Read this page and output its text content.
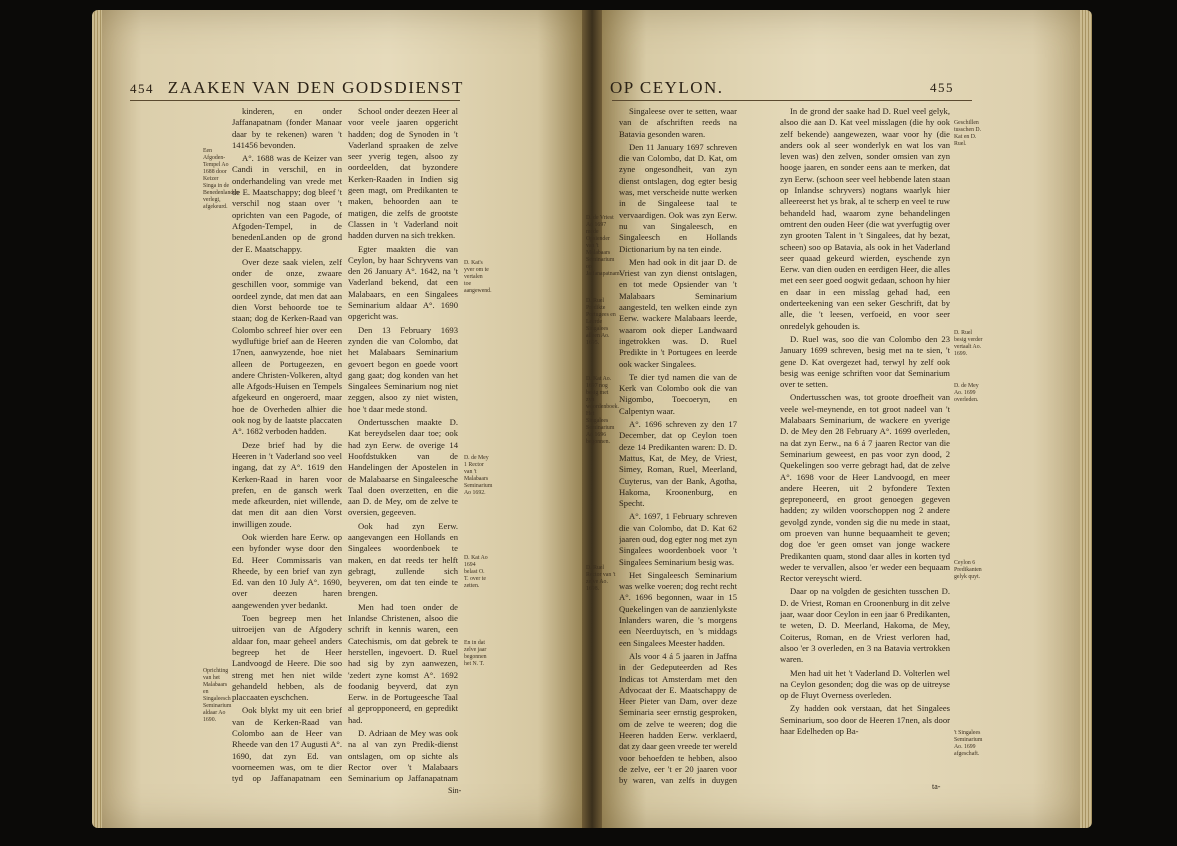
454 ZAAKEN VAN DEN GODSDIENST

kinderen, en onder Jaffanapatnam (fonder Manaar daar by te rekenen) waren 't 141456 bevonden.

A°. 1688 was de Keizer van Candi in verschil, en in onderhandeling van vrede met de E. Maatschappy; dog bleef 't verschil nog staan over 't oprichten van een Pagode, of Afgoden-Tempel, in de benedenLanden op de grond der E. Maatschappy.

Over deze saak vielen, zelf onder de onze, zwaare geschillen voor, sommige van oordeel zynde, dat men dat aan dien Vorst behoorde toe te staan; dog de Kerken-Raad van Colombo schreef hier over een wydluftige brief aan de Heeren 17nen, aanwyzende, hoe niet alleen de Portugeezen, en andere Christen-Volkeren, altyd alle Afgods-Huisen en Tempels afgekeurd en ongeroerd, maar hoe de Overheden alhier die ook nog by de laatste placcaten A°. 1682 verboden hadden.

Deze brief had by die Heeren in 't Vaderland soo veel ingang, dat zy A°. 1619 den Kerken-Raad in haren voor prefen, en de gansch werk mede afkeurden, niet willende, dat men dit aan dien Vorst inwilligen zoude.

Ook wierden hare Eerw. op een byfonder wyse door den Ed. Heer Commissaris van Rheede, by een brief van zyn Ed. van den 10 July A°. 1690, over deezen haren aangewenden yver bedankt.

Toen begreep men het uitroeijen van de Afgodery aldaar fon, maar geheel anders begreep het de Heer Landvoogd de Heere. Die soo streng met hen niet wilde gehandeld hebben, als de placcaaten eyschchen.

Ook blykt my uit een brief van de Kerken-Raad van Colombo aan de Heer van Rheede van den 17 Augusti A°. 1690, dat zyn Ed. van voorneemen was, om te dier tyd op Jaffanapatnam een

School onder deezen Heer al voor veele jaaren opgericht hadden; dog de Synoden in 't Vaderland spraaken de zelve seer yverig tegen, alsoo zy oordeelden, dat byzondere Kerken-Raaden in Indien sig geen magt, om Predikanten te maken, behoorden aan te matigen, die zelfs de grootste Classen in 't Vaderland noit hadden durven na sich trekken.

Egter maakten die van Ceylon, by haar Schryvens van den 26 January A°. 1642, na 't Vaderland bekend, dat een Malabaars, en een Singalees Seminarium aldaar A°. 1690 opgericht was.

Den 13 February 1693 zynden die van Colombo, dat het Malabaars Seminarium gevoert begon en goede voort gang gaat; dog konden van het Singalees Seminarium nog niet zeggen, alsoo zy niet wisten, hoe 't daar mede stond.

Ondertusschen maakte D. Kat bereydselen daar toe; ook had zyn Eerw. de overige 14 Hoofdstukken van de Handelingen der Apostelen in de Malabaarse en Singaleesche Taal doen overzetten, en die aan D. de Mey, om de zelve te oversien, gegeeven.

Ook had zyn Eerw. aangevangen een Hollands en Singalees woordenboek te maken, en dat reeds ter helft gebragt, zullende sich beyveren, om dat ten einde te brengen.

Men had toen onder de Inlandse Christenen, alsoo die schrift in kennis waren, een Catechismis, om dat gebrek te herstellen, ingevoert. D. Ruel had sig by zyn aanwezen, 'zedert zyne komst A°. 1692 foodanig beyverd, dat zyn Eerw. in de Portugeesche Taal al gepropponeerd, en gepredikt had.

D. Adriaan de Mey was ook na al van zyn Predik-dienst ontslagen, om op sichte als Rector over 't Malabaars Seminarium op Jaffanapatnam

Een Afgoden-Tempel Ao 1688 door Keizer Singa in de Benedenlanden verlegt, afgekeurd.
Oprichting van het Malabaars en Singaleesch Seminarium aldaar Ao 1690.
D. Kat's yver om te vertalen toe aangewend.
D. de Mey 1 Rector van 't Malabaars Seminarium Ao 1692.
D. Kat Ao 1694 belast O. T. over te zetten.
En in dat zelve jaar begonnen het N. T.
Sin-
OP CEYLON.	455

Singaleese over te setten, waar van de afschriften reeds na Batavia gesonden waren.

Den 11 January 1697 schreven die van Colombo, dat D. Kat, om zyne ongesondheit, van zyn dienst ontslagen, dog egter besig was, met verscheide nutte werken in de Singaleese taal te vervaardigen. Ook was zyn Eerw. nu van Singaleesch, en Singaleesch en Hollands Dictionarium by na ten einde.

Men had ook in dit jaar D. de Vriest van zyn dienst ontslagen, en tot mede Opsiender van 't Malabaars Seminarium aangesteld, ten welken einde zyn Eerw. wackere Malabaars leerde, waarom ook dieper Landwaard ingetrokken was. D. Ruel Predikte in 't Portugees en leerde ook wacker Singalees.

Te dier tyd namen die van de Kerk van Colombo ook die van Nigombo, Toecoeryn, en Calpentyn waar.

A°. 1696 schreven zy den 17 December, dat op Ceylon toen deze 14 Predikanten waren: D. D. Mattus, Kat, de Mey, de Vriest, Simey, Roman, Ruel, Meerland, Cuyterus, van der Bank, Agotha, Hakoma, Kroonenburg, en Specht.

A°. 1697, 1 February schreven die van Colombo, dat D. Kat 62 jaaren oud, dog egter nog met zyn Singalees woordenboek voor 't Singalees Seminarium besig was.

Het Singaleesch Seminarium was welke voeren; dog recht recht A°. 1696 begonnen, waar in 15 Quekelingen van de aanzienlykste Inlanders waren, die 's morgens een Neerduytsch, en 's middags een Singalees Meester hadden.

Als voor 4 á 5 jaaren in Jaffna in der Gedeputeerden ad Res Indicas tot Amsterdam met den Advocaat der E. Maatschappy de Heer Pieter van Dam, over deze Seminaria seer ernstig gesproken, om de zelve te weeren; dog die Heeren hadden Eerw. verklaerd, dat zy daar geen vreede ter wereld voor behoefden te hebben, alsoo de zelve, eer 't er 20 jaaren voor by waren, van zelfs in duygen

In de grond der saake had D. Ruel veel gelyk, alsoo die aan D. Kat veel misslagen (die hy ook zelf bekende) aangewezen, waar voor hy (die anders ook al seer wonderlyk en wat los van leven was) den zelven, sonder omsien van zyn hooge jaaren, en sonder eens aan te merken, dat zyn Eerw. (schoon seer veel hebbende laten staan op Inlandse schryvers) nogtans waarlyk hier alleereerst het ys brak, al te scherp en veel te ruw behandeld had, waarom zyne behandelingen omtrent den ouden Heer (die wat yverfugtig over zyn grooten Talent in 't Singalees, dat hy bezat, scheen) soo op Batavia, als ook in het Vaderland seer quaad gekeurd wierden, eyschende zyn Eerw. van dien ouden en eerdigen Heer, die alles met een seer goed oogwit gedaan, schoon hy hier en daar in een misslag gehad had, een onderteekening van een seker Geschrift, dat by alle, die 't leesen, verfoeid, en voor seer onredelyk gehouden is.

D. Ruel was, soo die van Colombo den 23 January 1699 schreven, besig met na te sien, 't gene D. Kat overgezet had, terwyl hy zelf ook besig was eenige schriften voor dat Seminarium over te setten.

Ondertusschen was, tot groote droefheit van veele wel-meynende, en tot groot nadeel van 't Malabaars Seminarium, de wackere en yverige D. de Mey den 28 February A°. 1699 overleden, na dat zyn Eerw., na 6 á 7 jaaren Rector van die Seminarium geweest, en pas voor zyn dood, 2 Quekelingen soo verre gebragt had, dat de zelve A°. 1698 voor de Heer Landvoogd, en meer andere Heeren, uit 2 byfondere Texten gepreponeerd, en groot genoegen gegeven hadden; zy wilden voorschoppen nog 2 andere gevolgd zynde, vonden sig die nu mede in staat, om proeven van hunne bequaamheit te geven; dog doe 'er geen omset van jonge wackere Predikanten quam, stond daar alles in korten tyd weder te vervallen, alsoo 'er weder een bequaam Rector vereyscht wierd.

Daar op na volgden de gesichten tusschen D. D. de Vriest, Roman en Croonenburg in dit zelve jaar, waar door Ceylon in een jaar 6 Predikanten, te weten, D. D. Meerland, Hakoma, de Mey, Coiterus, Roman, en de Vriest verloren had, alsoo 'er 3 overleden, en 3 na Batavia vertrokken waren.

Men had uit het 't Vaderland D. Volterlen wel na Ceylon gesonden; dog die was op de uitreyse op de Fluyt Overness overleden.

Zy hadden ook verstaan, dat het Singalees Seminarium, soo door de Heeren 17nen, als door haar Edelheden op Ba-

D. de Vriest Ao 1697 mede Opsiender van 't Malabaars Seminarium op Jaffanapatnam.
D. Ruel Predikte Portugees en Leerde Singalees alleen Ao. 1695.
D. Kat Ao. 1697 nog besig met zyn woordenboek. Het Singalees Seminarium Ao 1696 begonnen.
D. Ruel Rector van 't zelve Ao. 1698.
Geschillen tusschen D. Kat en D. Ruel.
D. Ruel besig verder vertaalt Ao. 1699.
D. de Mey Ao. 1699 overleden.
Ceylon 6 Predikanten gelyk quyt.
't Singalees Seminarium Ao. 1699 afgeschaft.
ta-
